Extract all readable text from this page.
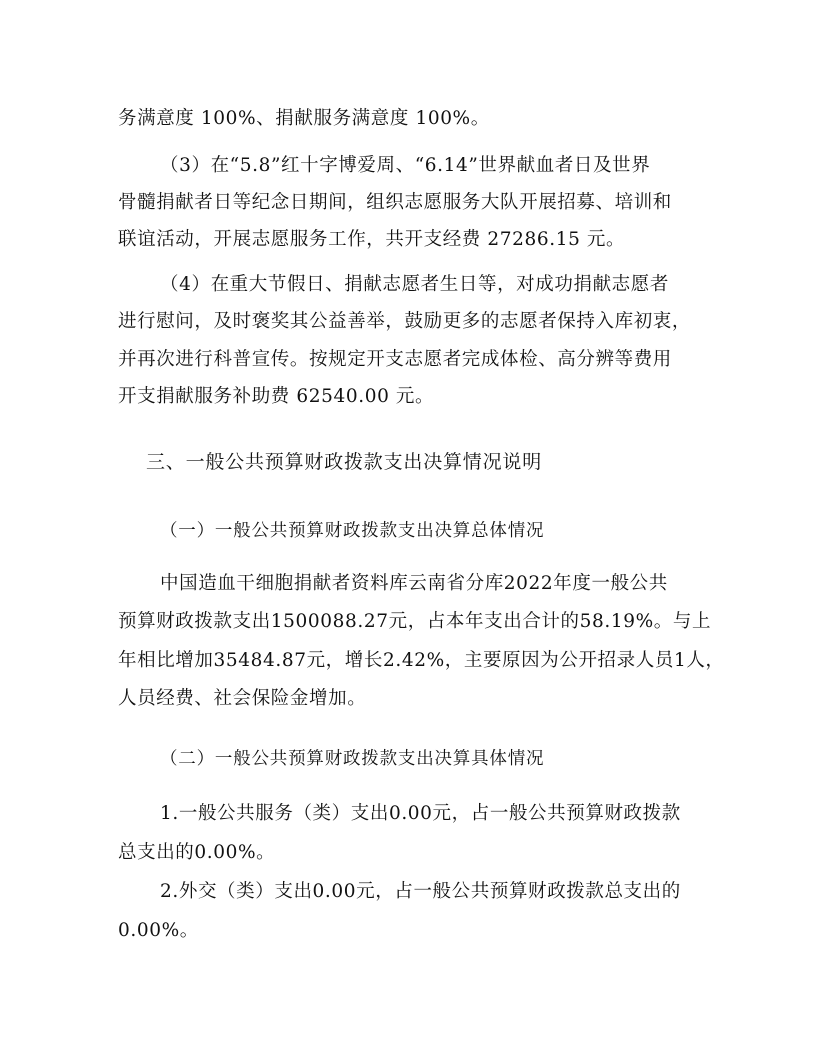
务满意度 100%、捐献服务满意度 100%。
（3）在“5.8”红十字博爱周、“6.14”世界献血者日及世界
骨髓捐献者日等纪念日期间，组织志愿服务大队开展招募、培训和
联谊活动，开展志愿服务工作，共开支经费 27286.15 元。
（4）在重大节假日、捐献志愿者生日等，对成功捐献志愿者
进行慰问，及时褒奖其公益善举，鼓励更多的志愿者保持入库初衷，
并再次进行科普宣传。按规定开支志愿者完成体检、高分辨等费用
开支捐献服务补助费 62540.00 元。
三、一般公共预算财政拨款支出决算情况说明
（一）一般公共预算财政拨款支出决算总体情况
中国造血干细胞捐献者资料库云南省分库2022年度一般公共
预算财政拨款支出1500088.27元，占本年支出合计的58.19%。与上
年相比增加35484.87元，增长2.42%，主要原因为公开招录人员1人，
人员经费、社会保险金增加。
（二）一般公共预算财政拨款支出决算具体情况
1.一般公共服务（类）支出0.00元，占一般公共预算财政拨款
总支出的0.00%。
2.外交（类）支出0.00元，占一般公共预算财政拨款总支出的
0.00%。
